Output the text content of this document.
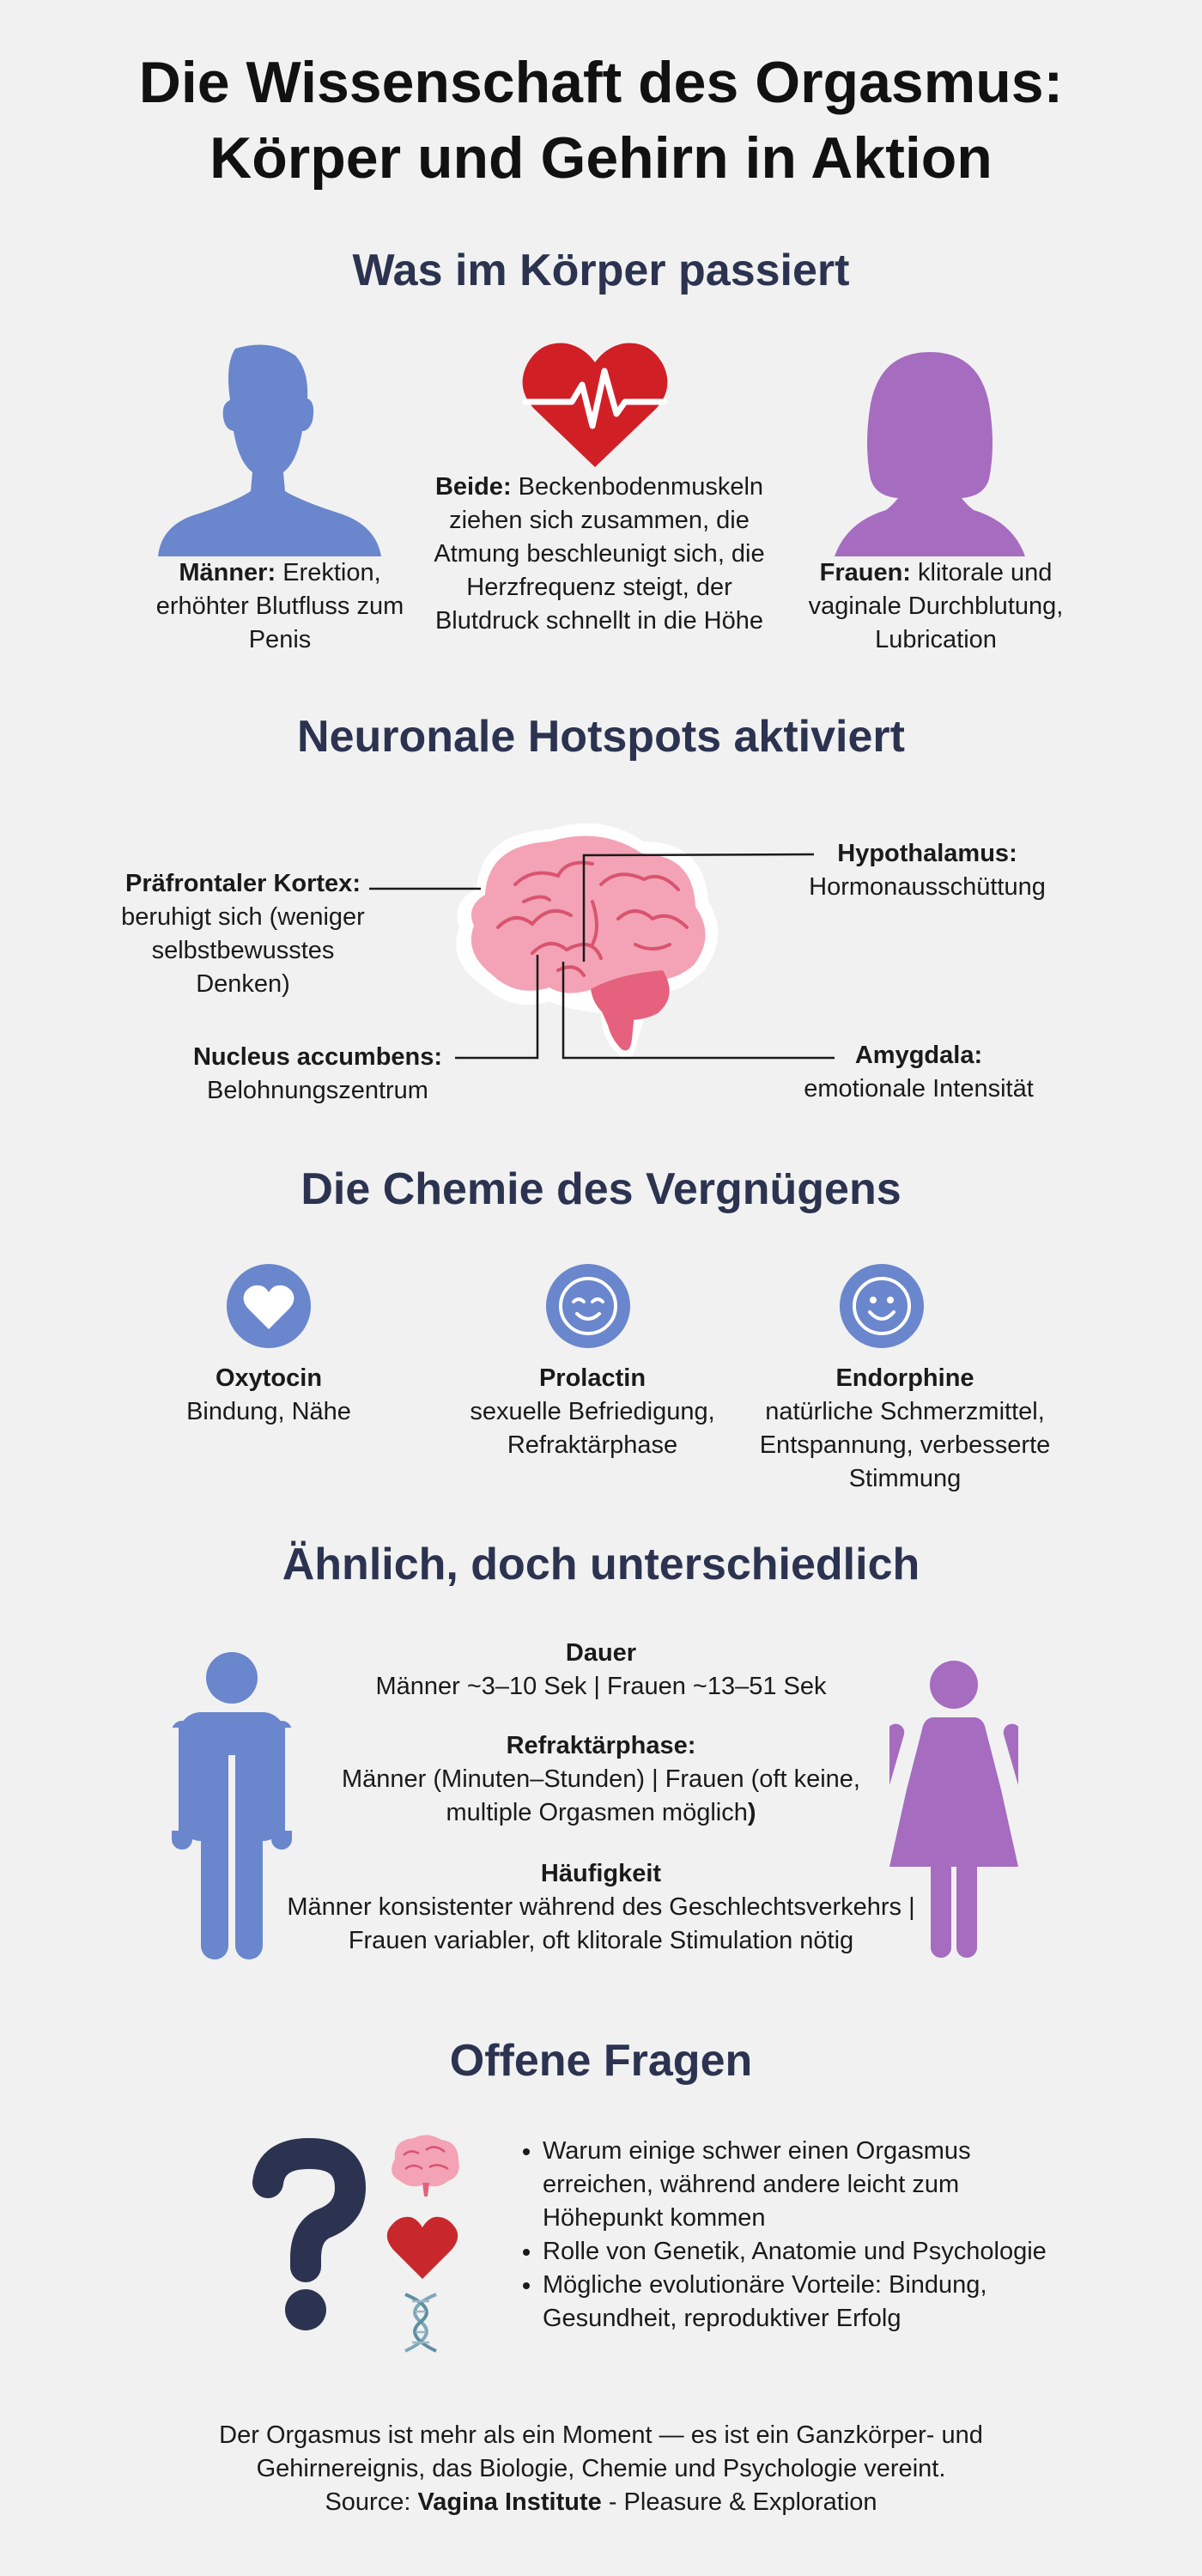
Die Wissenschaft des Orgasmus:
Körper und Gehirn in Aktion
Was im Körper passiert
Männer: Erektion, erhöhter Blutfluss zum Penis
Beide: Beckenbodenmuskeln ziehen sich zusammen, die Atmung beschleunigt sich, die Herzfrequenz steigt, der Blutdruck schnellt in die Höhe
Frauen: klitorale und vaginale Durchblutung, Lubrication
Neuronale Hotspots aktiviert
Präfrontaler Kortex:
beruhigt sich (weniger selbstbewusstes Denken)
Hypothalamus:
Hormonausschüttung
Nucleus accumbens:
Belohnungszentrum
Amygdala:
emotionale Intensität
Die Chemie des Vergnügens
Oxytocin
Bindung, Nähe
Prolactin
sexuelle Befriedigung, Refraktärphase
Endorphine
natürliche Schmerzmittel, Entspannung, verbesserte Stimmung
Ähnlich, doch unterschiedlich
Dauer
Männer ~3–10 Sek | Frauen ~13–51 Sek
Refraktärphase:
Männer (Minuten–Stunden) | Frauen (oft keine, multiple Orgasmen möglich)
Häufigkeit
Männer konsistenter während des Geschlechtsverkehrs | Frauen variabler, oft klitorale Stimulation nötig
Offene Fragen
• Warum einige schwer einen Orgasmus erreichen, während andere leicht zum Höhepunkt kommen
• Rolle von Genetik, Anatomie und Psychologie
• Mögliche evolutionäre Vorteile: Bindung, Gesundheit, reproduktiver Erfolg
Der Orgasmus ist mehr als ein Moment — es ist ein Ganzkörper- und Gehirnereignis, das Biologie, Chemie und Psychologie vereint.
Source: Vagina Institute - Pleasure & Exploration
